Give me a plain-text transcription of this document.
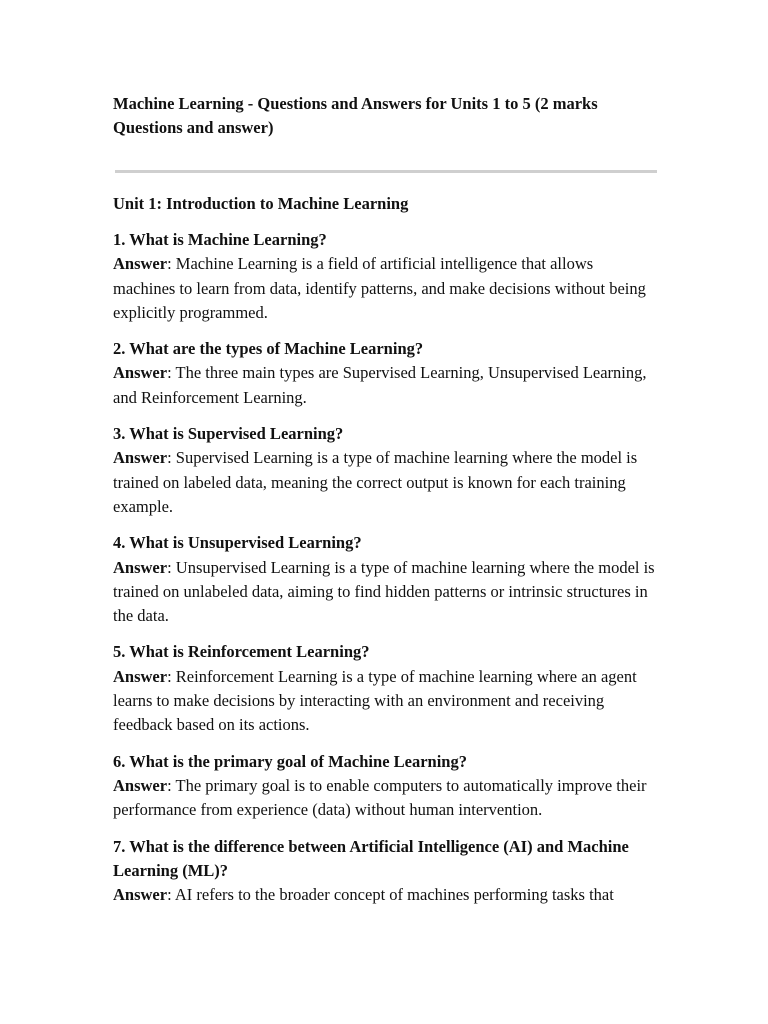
Machine Learning - Questions and Answers for Units 1 to 5 (2 marks Questions and answer)
Unit 1: Introduction to Machine Learning

1. What is Machine Learning?

Answer: Machine Learning is a field of artificial intelligence that allows machines to learn from data, identify patterns, and make decisions without being explicitly programmed.

2. What are the types of Machine Learning?

Answer: The three main types are Supervised Learning, Unsupervised Learning, and Reinforcement Learning.

3. What is Supervised Learning?

Answer: Supervised Learning is a type of machine learning where the model is trained on labeled data, meaning the correct output is known for each training example.

4. What is Unsupervised Learning?

Answer: Unsupervised Learning is a type of machine learning where the model is trained on unlabeled data, aiming to find hidden patterns or intrinsic structures in the data.

5. What is Reinforcement Learning?

Answer: Reinforcement Learning is a type of machine learning where an agent learns to make decisions by interacting with an environment and receiving feedback based on its actions.

6. What is the primary goal of Machine Learning?

Answer: The primary goal is to enable computers to automatically improve their performance from experience (data) without human intervention.

7. What is the difference between Artificial Intelligence (AI) and Machine Learning (ML)?

Answer: AI refers to the broader concept of machines performing tasks that
